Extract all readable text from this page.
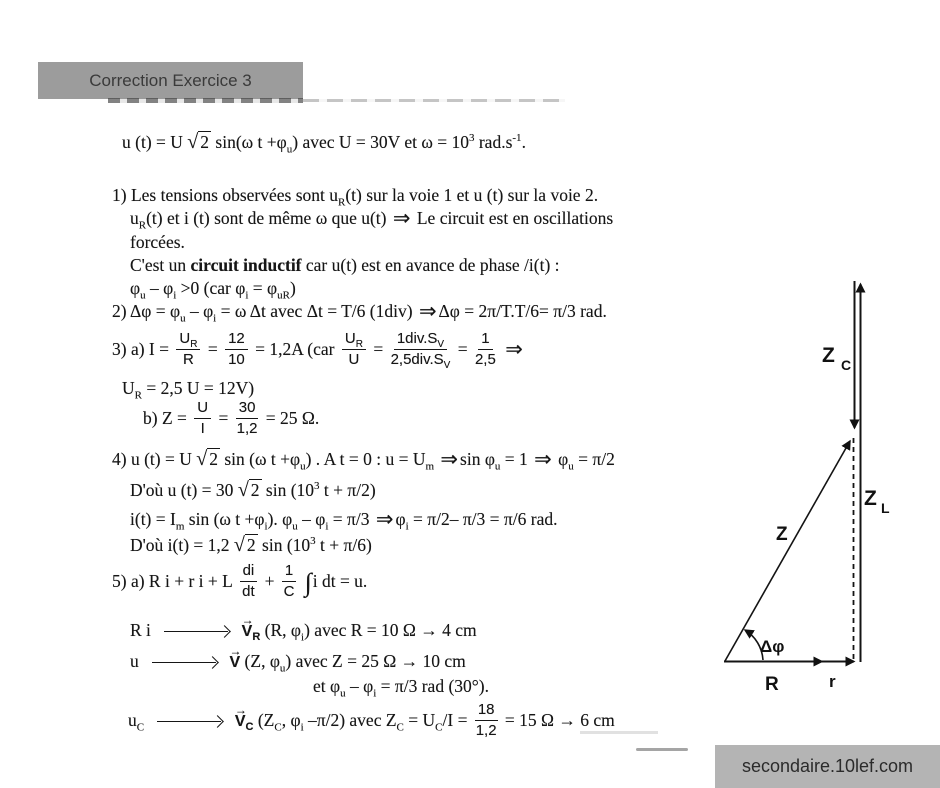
Correction Exercice 3
u (t) = U √ 2 sin(ω $t +\varphi_u$) avec U = 30V et $\omega = 10^3$ $rad.s^{-1}$.
1) Les tensions observées sont $u_R(t)$ sur la voie 1 et u (t) sur la voie 2.
$u_R(t)$ et i (t) sont de même ω que u(t) ⇒ Le circuit est en oscillations
forcées.
C'est un circuit inductif car u(t) est en avance de phase /i(t) :
$\varphi_u - \varphi_i >0$ (car $\varphi_i = \varphi_{uR}$)
2) $\Delta\varphi = \varphi_u - \varphi_i = \omega$ Δt avec Δt = T/6 (1div) ⇒ Δφ = 2π/T.T/6= π/3 rad.
3) a) $I = \frac{U_R}{R} = \frac{12}{10} = 1,2A$ ($car \frac{U_R}{U} = \frac{1div.S_V}{2,5div.S_V} = \frac{1}{2,5}$ ⇒
$U_R = 2,5$ U = 12V)
b) $Z = \frac{U}{I} = \frac{30}{1,2} = 25$ Ω.
4) u (t) = U √ 2 sin (ω $t +\varphi_u$) . A t = 0 : $u = U_m$ ⇒ $\sin \varphi_u = 1$ ⇒ $\varphi_u = \pi/2$
D'où u (t) = 30 √ 2 $\sin (10^3$ t + π/2)
$i(t) = I_m$ sin (ω $t +\varphi_i$). $\varphi_u - \varphi_i = \pi/3$ ⇒ $\varphi_i = \pi/2-$ π/3 = π/6 rad.
D'où i(t) = 1,2 √ 2 $\sin (10^3$ t + π/6)
5) a) R i + r i + L $\frac{di}{dt} + \frac{1}{C} \int i$ dt = u.
R i	→ $V_R$ (R, $\varphi_i$) avec R = 10 Ω → 4 cm
u	→ V (Z, $\varphi_u$) avec Z = 25 Ω → 10 cm
et $\varphi_u - \varphi_i = \pi/3$ rad (30°).
$u_C$	→ $V_C$ ($Z_C$, $\varphi_i$ –π/2) avec $Z_C = U_C/I = \frac{18}{1,2} = 15$ Ω → 6 cm
Z C
Z L
Z
Δφ
R	r
secondaire.10lef.com
